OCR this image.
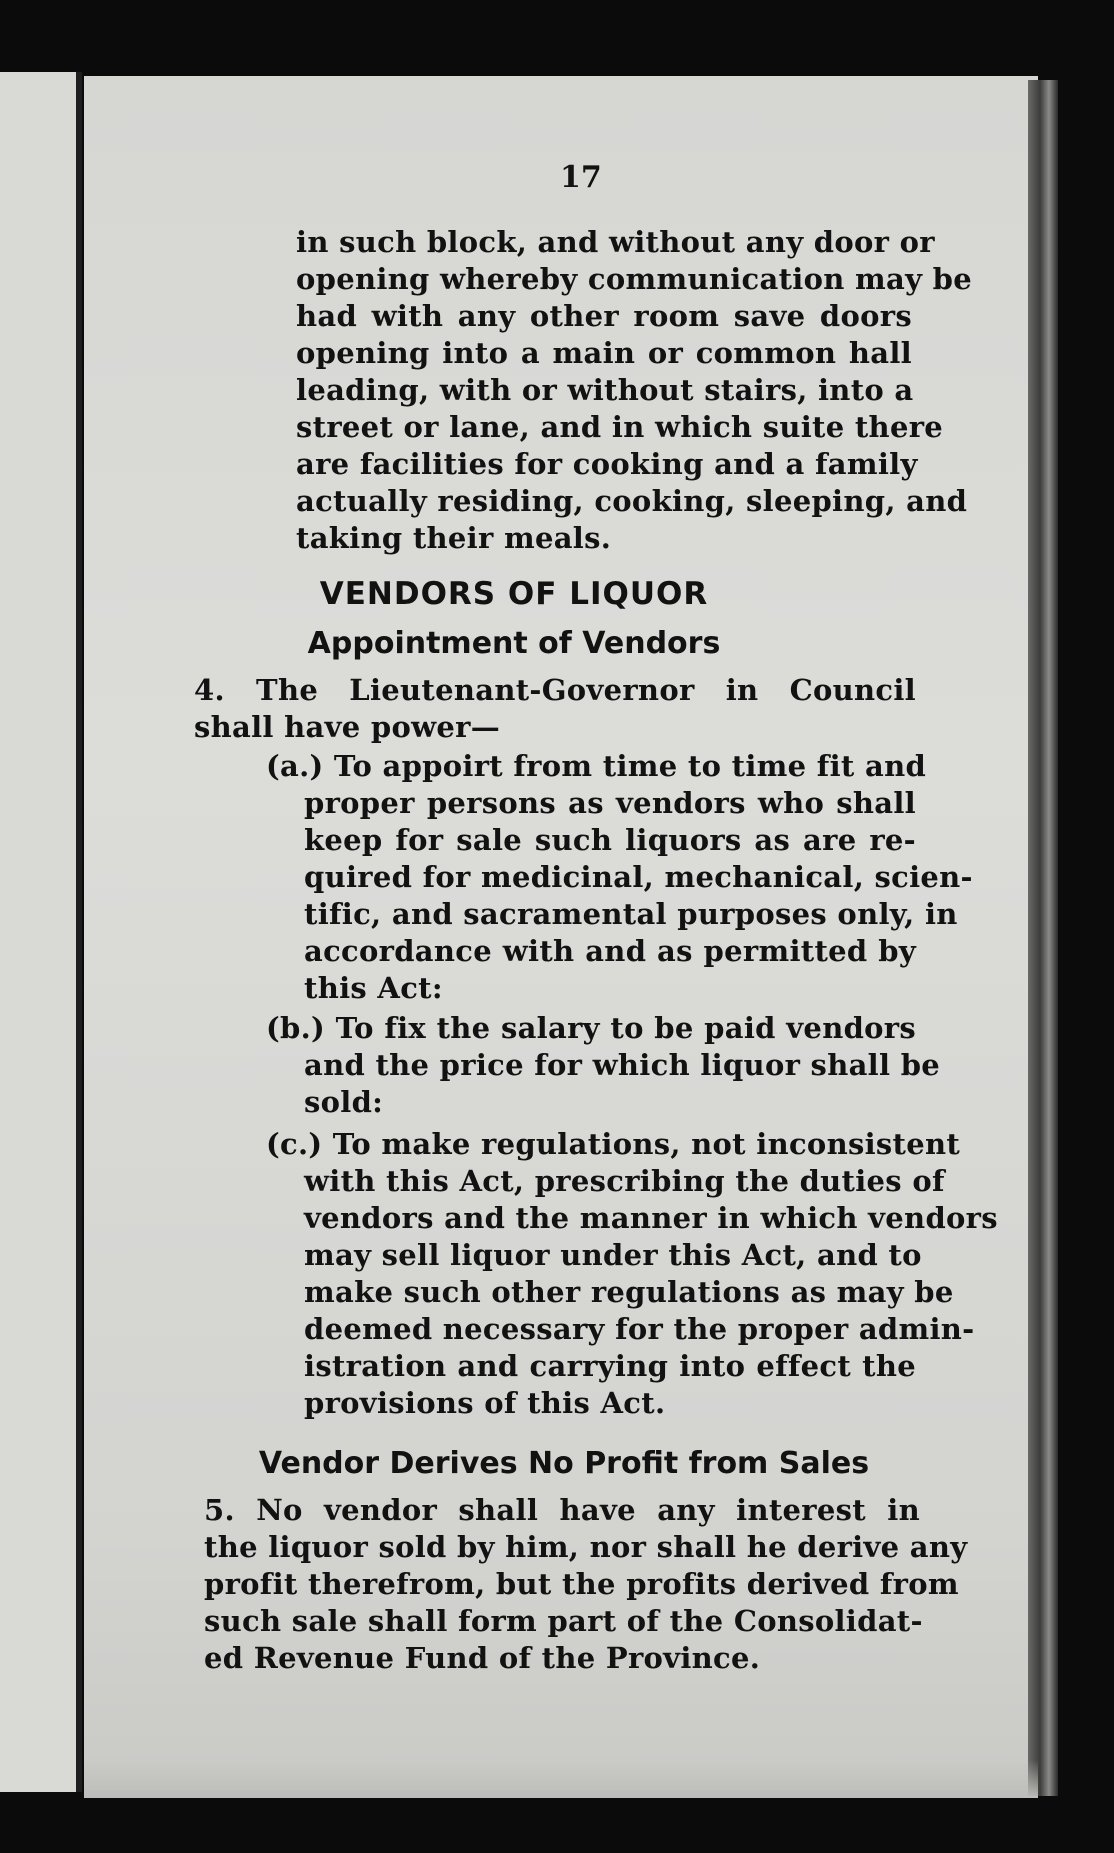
17
in such block, and without any door or
opening whereby communication may be
had with any other room save doors
opening into a main or common hall
leading, with or without stairs, into a
street or lane, and in which suite there
are facilities for cooking and a family
actually residing, cooking, sleeping, and
taking their meals.
VENDORS OF LIQUOR
Appointment of Vendors
4. The Lieutenant-Governor in Council
shall have power—
(a.) To appoirt from time to time fit and
proper persons as vendors who shall
keep for sale such liquors as are re-
quired for medicinal, mechanical, scien-
tific, and sacramental purposes only, in
accordance with and as permitted by
this Act:
(b.) To fix the salary to be paid vendors
and the price for which liquor shall be
sold:
(c.) To make regulations, not inconsistent
with this Act, prescribing the duties of
vendors and the manner in which vendors
may sell liquor under this Act, and to
make such other regulations as may be
deemed necessary for the proper admin-
istration and carrying into effect the
provisions of this Act.
Vendor Derives No Profit from Sales
5. No vendor shall have any interest in
the liquor sold by him, nor shall he derive any
profit therefrom, but the profits derived from
such sale shall form part of the Consolidat-
ed Revenue Fund of the Province.
